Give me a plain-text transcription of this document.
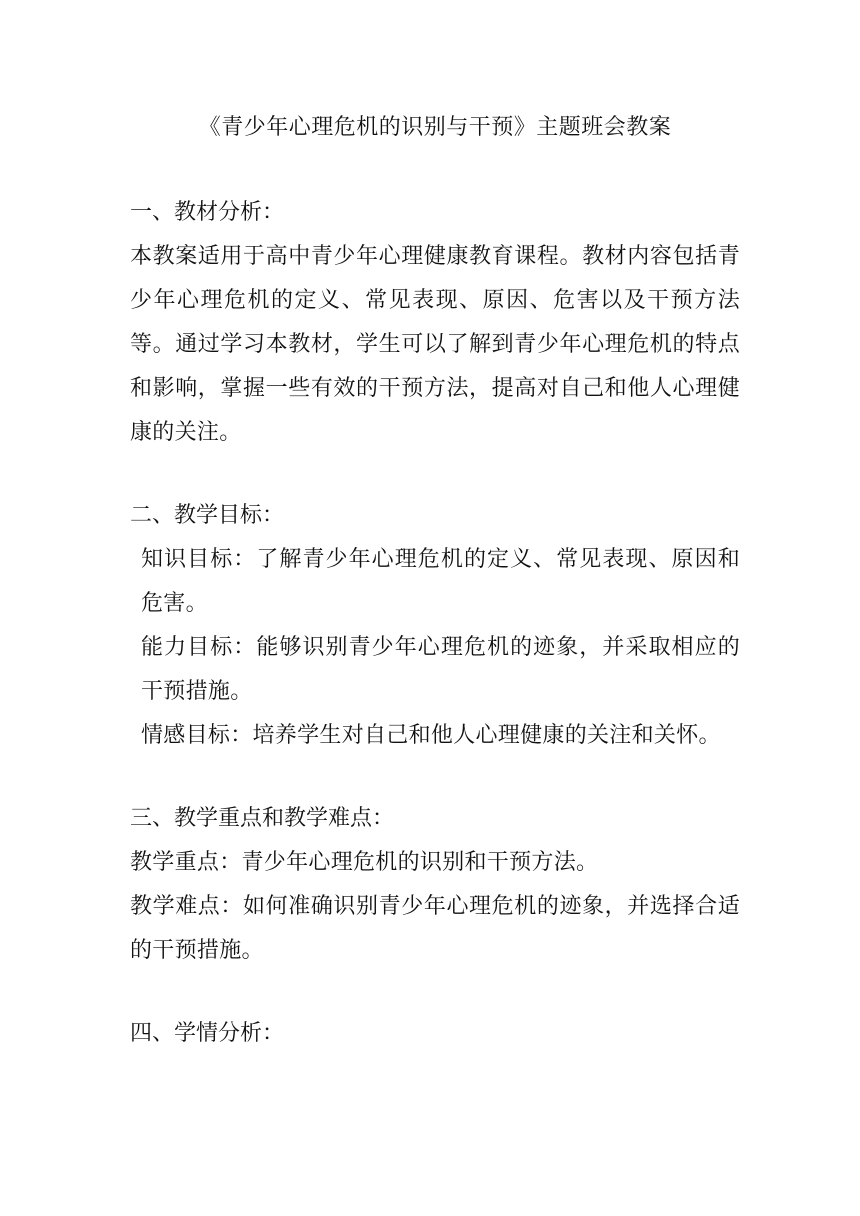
《青少年心理危机的识别与干预》主题班会教案
一、教材分析：
本教案适用于高中青少年心理健康教育课程。教材内容包括青少年心理危机的定义、常见表现、原因、危害以及干预方法等。通过学习本教材，学生可以了解到青少年心理危机的特点和影响，掌握一些有效的干预方法，提高对自己和他人心理健康的关注。
二、教学目标：
知识目标：了解青少年心理危机的定义、常见表现、原因和危害。
能力目标：能够识别青少年心理危机的迹象，并采取相应的干预措施。
情感目标：培养学生对自己和他人心理健康的关注和关怀。
三、教学重点和教学难点：
教学重点：青少年心理危机的识别和干预方法。
教学难点：如何准确识别青少年心理危机的迹象，并选择合适的干预措施。
四、学情分析：
